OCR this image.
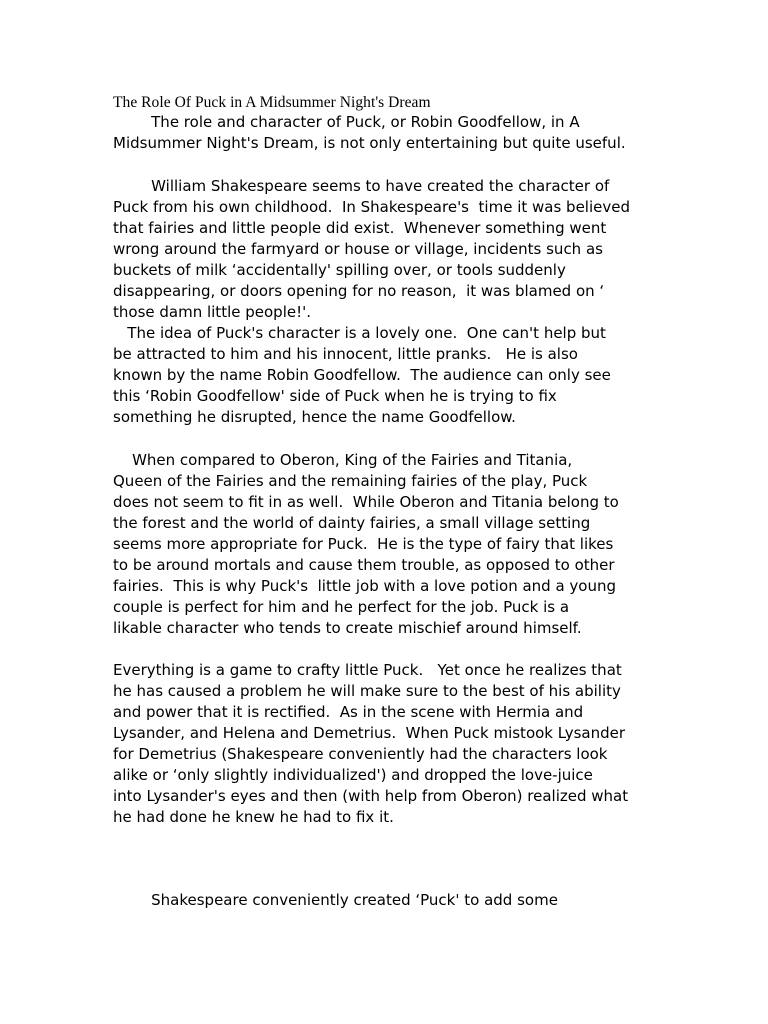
The Role Of Puck in A Midsummer Night's Dream
The role and character of Puck, or Robin Goodfellow, in A
Midsummer Night's Dream, is not only entertaining but quite useful.
William Shakespeare seems to have created the character of
Puck from his own childhood.  In Shakespeare's  time it was believed
that fairies and little people did exist.  Whenever something went
wrong around the farmyard or house or village, incidents such as
buckets of milk ‘accidentally' spilling over, or tools suddenly
disappearing, or doors opening for no reason,  it was blamed on ‘
those damn little people!'.
The idea of Puck's character is a lovely one.  One can't help but
be attracted to him and his innocent, little pranks.   He is also
known by the name Robin Goodfellow.  The audience can only see
this ‘Robin Goodfellow' side of Puck when he is trying to fix
something he disrupted, hence the name Goodfellow.
When compared to Oberon, King of the Fairies and Titania,
Queen of the Fairies and the remaining fairies of the play, Puck
does not seem to fit in as well.  While Oberon and Titania belong to
the forest and the world of dainty fairies, a small village setting
seems more appropriate for Puck.  He is the type of fairy that likes
to be around mortals and cause them trouble, as opposed to other
fairies.  This is why Puck's  little job with a love potion and a young
couple is perfect for him and he perfect for the job. Puck is a
likable character who tends to create mischief around himself.
Everything is a game to crafty little Puck.   Yet once he realizes that
he has caused a problem he will make sure to the best of his ability
and power that it is rectified.  As in the scene with Hermia and
Lysander, and Helena and Demetrius.  When Puck mistook Lysander
for Demetrius (Shakespeare conveniently had the characters look
alike or ‘only slightly individualized') and dropped the love-juice
into Lysander's eyes and then (with help from Oberon) realized what
he had done he knew he had to fix it.
Shakespeare conveniently created ‘Puck' to add some
